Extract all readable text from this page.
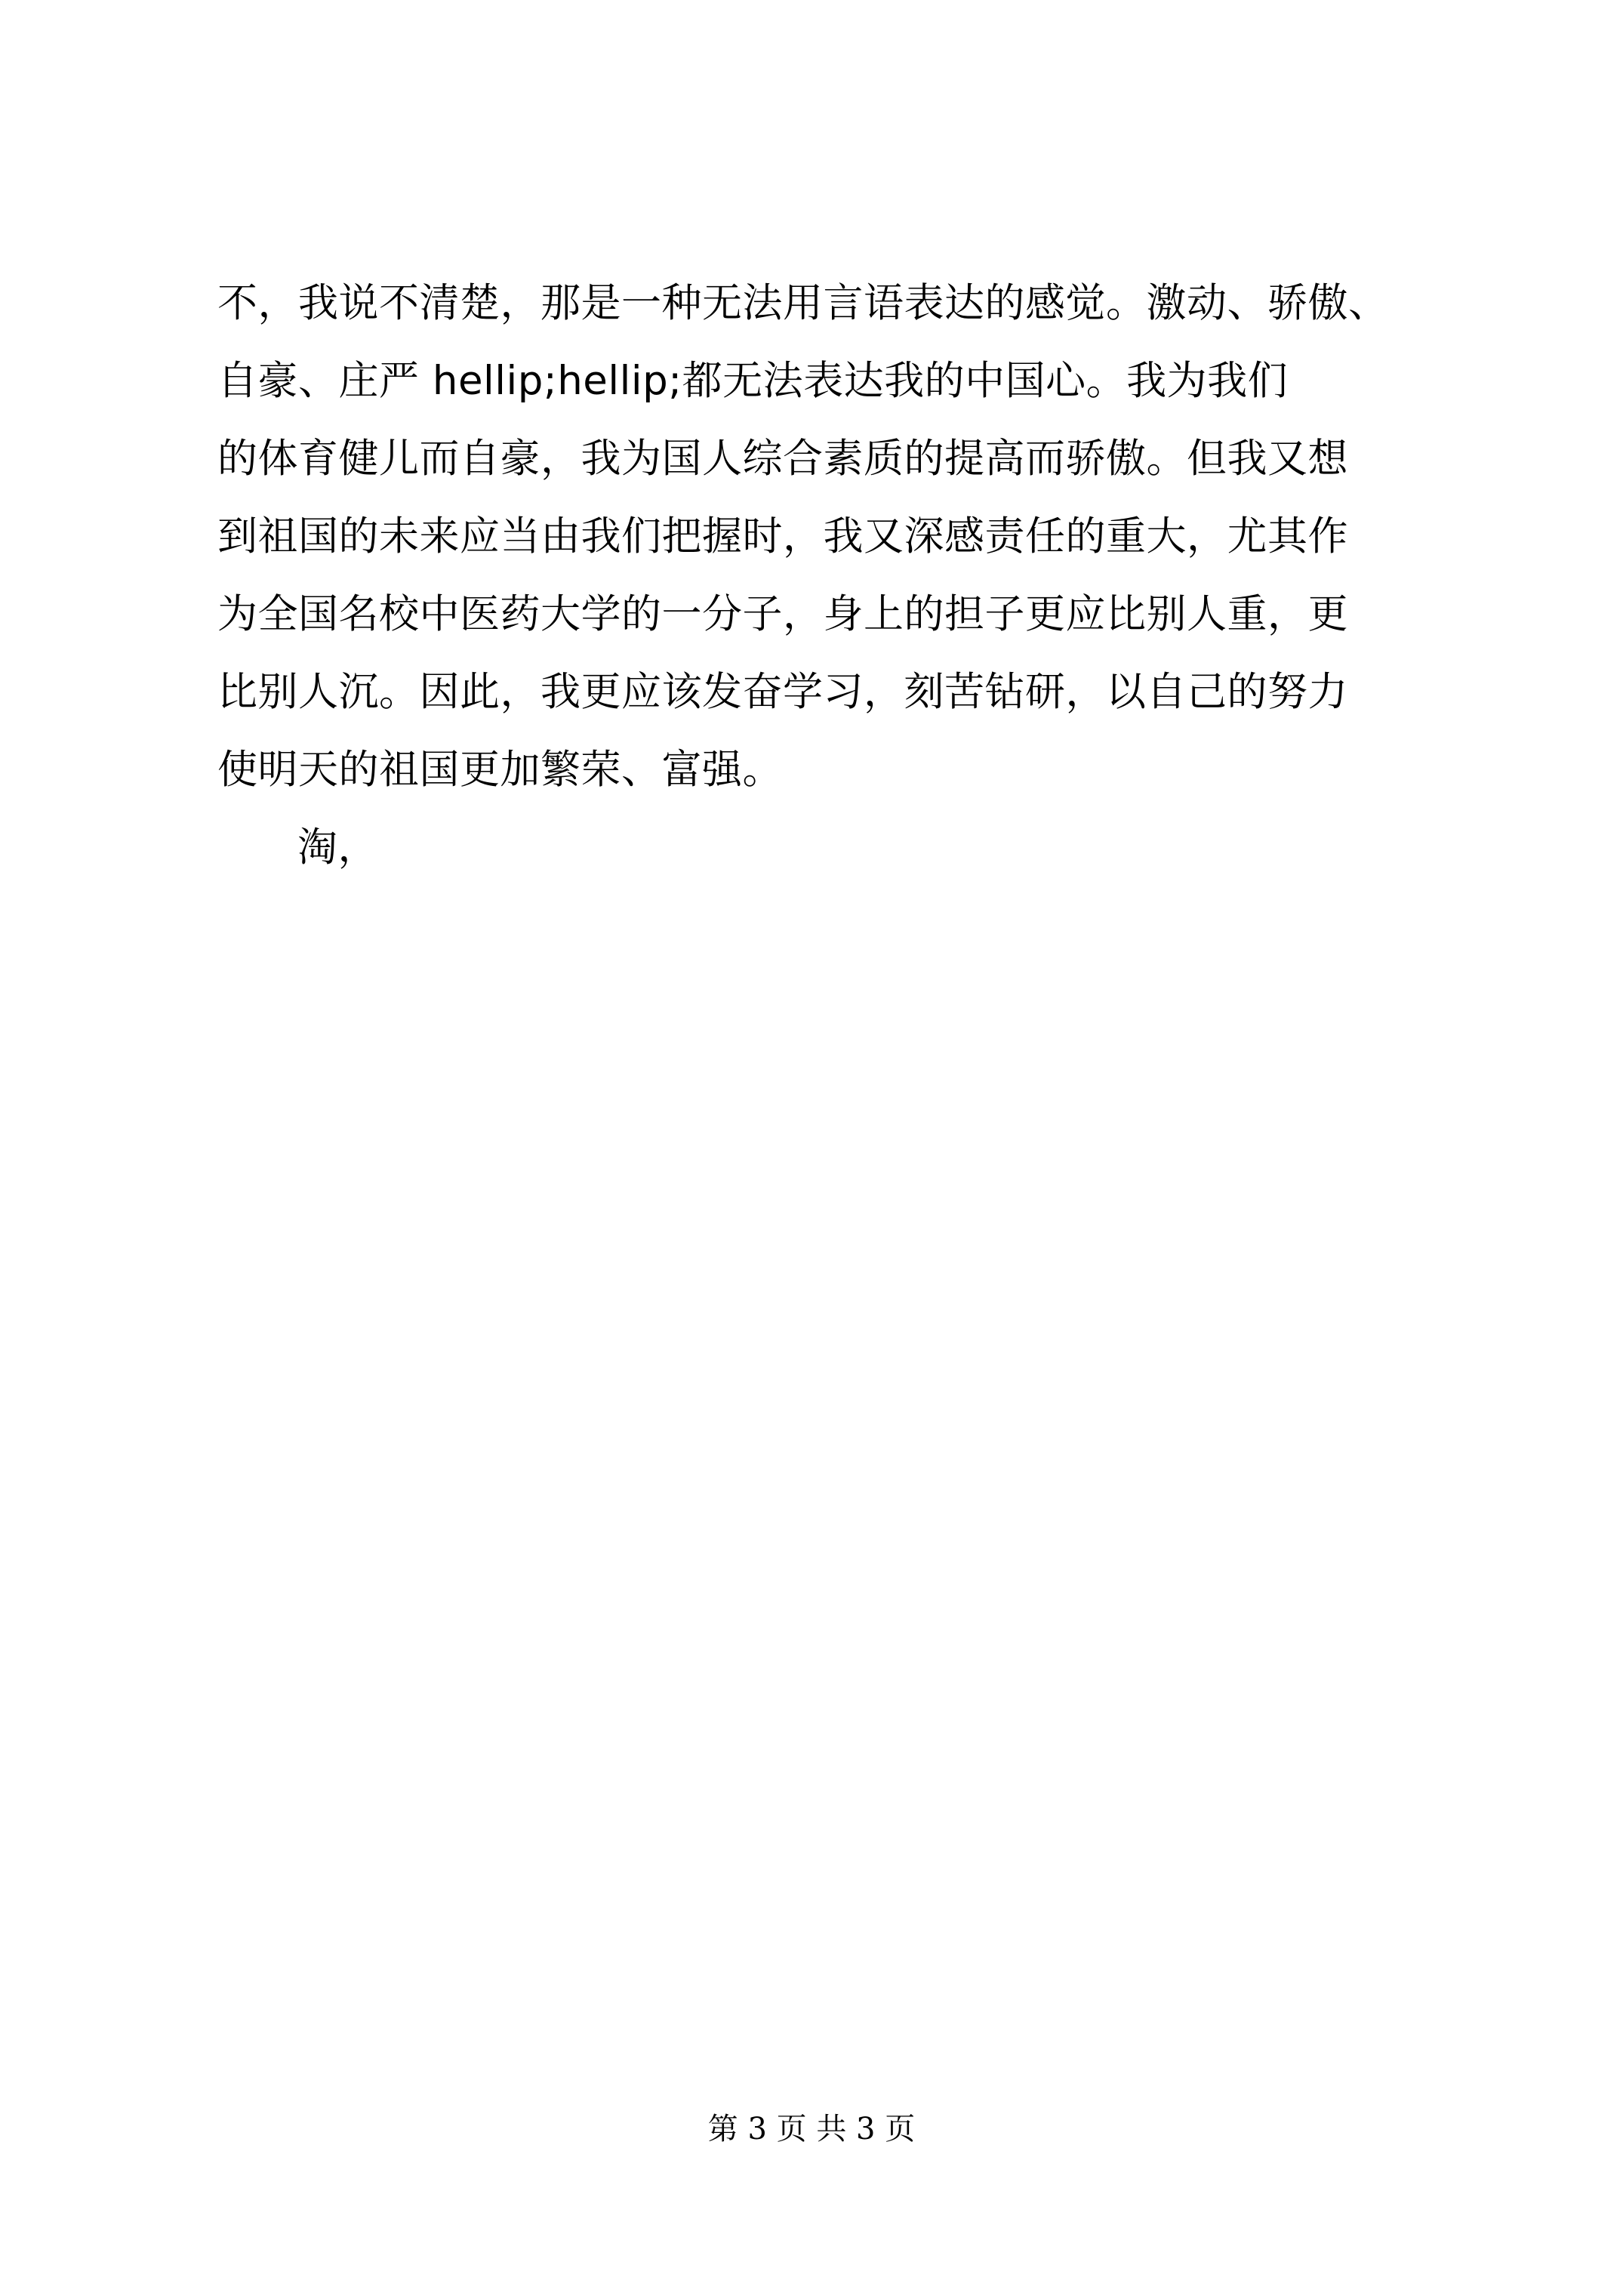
不，我说不清楚，那是一种无法用言语表达的感觉。激动、骄傲、
自豪、庄严 hellip;hellip;都无法表达我的中国心。我为我们
的体育健儿而自豪，我为国人综合素质的提高而骄傲。但我又想
到祖国的未来应当由我们把握时，我又深感责任的重大，尤其作
为全国名校中医药大学的一分子，身上的担子更应比别人重，更
比别人沉。因此，我更应该发奋学习，刻苦钻研，以自己的努力
使明天的祖国更加繁荣、富强。
淘，
第 3 页 共 3 页
